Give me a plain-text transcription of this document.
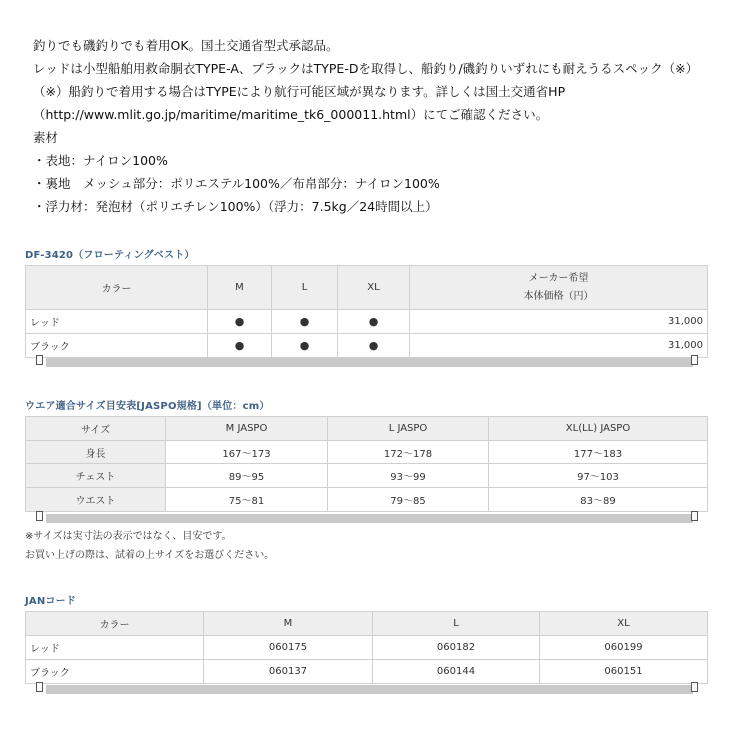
釣りでも磯釣りでも着用OK。国土交通省型式承認品。
レッドは小型船舶用救命胴衣TYPE-A、ブラックはTYPE-Dを取得し、船釣り/磯釣りいずれにも耐えうるスペック（※）
（※）船釣りで着用する場合はTYPEにより航行可能区域が異なります。詳しくは国土交通省HP
（http://www.mlit.go.jp/maritime/maritime_tk6_000011.html）にてご確認ください。
素材
・表地：ナイロン100%
・裏地　メッシュ部分：ポリエステル100%／布帛部分：ナイロン100%
・浮力材：発泡材（ポリエチレン100%）（浮力：7.5kg／24時間以上）
DF-3420（フローティングベスト）
カラー	M	L	XL	メーカー希望
本体価格（円）

レッド	●	●	●	31,000
ブラック	●	●	●	31,000
ウエア適合サイズ目安表[JASPO規格]（単位：cm）
サイズ	M JASPO	L JASPO	XL(LL) JASPO
身長	167〜173	172〜178	177〜183
チェスト	89〜95	93〜99	97〜103
ウエスト	75〜81	79〜85	83〜89
※サイズは実寸法の表示ではなく、目安です。
お買い上げの際は、試着の上サイズをお選びください。
JANコード
カラー	M	L	XL
レッド	060175	060182	060199
ブラック	060137	060144	060151
